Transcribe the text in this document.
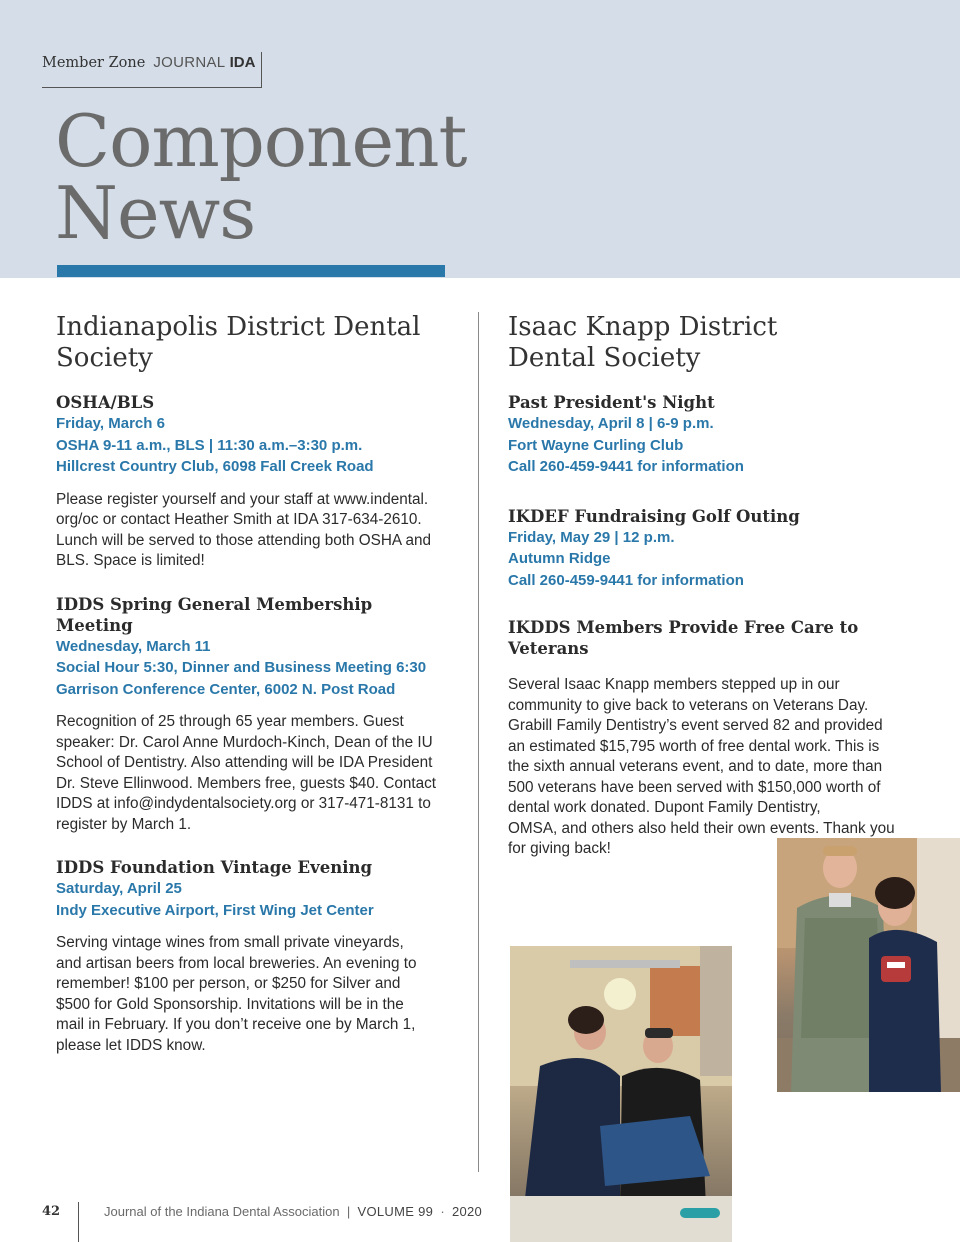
Member Zone JOURNAL IDA
Component
News
Indianapolis District Dental
Society

OSHA/BLS

Friday, March 6

OSHA 9-11 a.m., BLS | 11:30 a.m.–3:30 p.m.

Hillcrest Country Club, 6098 Fall Creek Road

Please register yourself and your staff at www.indental.
org/oc or contact Heather Smith at IDA 317-634-2610.
Lunch will be served to those attending both OSHA and
BLS. Space is limited!

IDDS Spring General Membership Meeting

Wednesday, March 11

Social Hour 5:30, Dinner and Business Meeting 6:30

Garrison Conference Center, 6002 N. Post Road

Recognition of 25 through 65 year members. Guest
speaker: Dr. Carol Anne Murdoch-Kinch, Dean of the IU
School of Dentistry. Also attending will be IDA President
Dr. Steve Ellinwood. Members free, guests $40. Contact
IDDS at info@indydentalsociety.org or 317-471-8131 to
register by March 1.

IDDS Foundation Vintage Evening

Saturday, April 25

Indy Executive Airport, First Wing Jet Center

Serving vintage wines from small private vineyards,
and artisan beers from local breweries. An evening to
remember! $100 per person, or $250 for Silver and
$500 for Gold Sponsorship. Invitations will be in the
mail in February. If you don’t receive one by March 1,
please let IDDS know.

Isaac Knapp District
Dental Society

Past President's Night

Wednesday, April 8 | 6-9 p.m.

Fort Wayne Curling Club

Call 260-459-9441 for information

IKDEF Fundraising Golf Outing

Friday, May 29 | 12 p.m.

Autumn Ridge

Call 260-459-9441 for information

IKDDS Members Provide Free Care to Veterans

Several Isaac Knapp members stepped up in our
community to give back to veterans on Veterans Day.
Grabill Family Dentistry’s event served 82 and provided
an estimated $15,795 worth of free dental work. This is
the sixth annual veterans event, and to date, more than
500 veterans have been served with $150,000 worth of
dental work donated. Dupont Family Dentistry,
OMSA, and others also held their own events. Thank you
for giving back!

42	Journal of the Indiana Dental Association | VOLUME 99 · 2020
